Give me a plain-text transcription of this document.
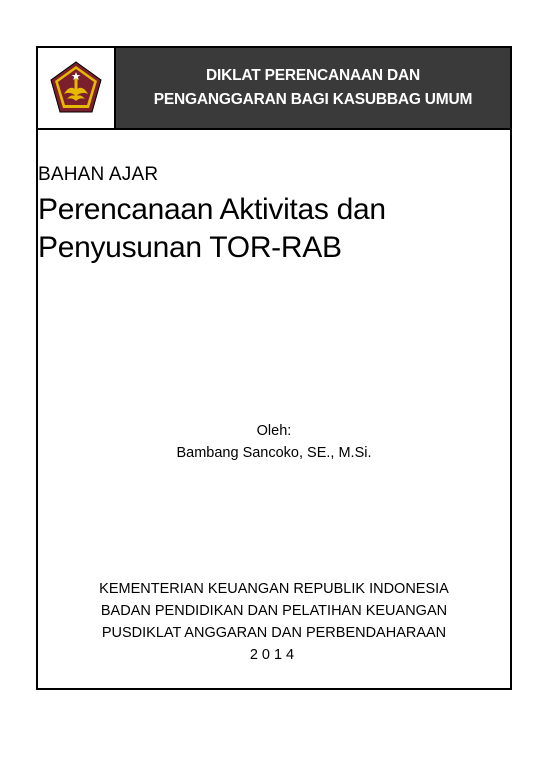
DIKLAT PERENCANAAN DAN
PENGANGGARAN BAGI KASUBBAG UMUM
BAHAN AJAR
Perencanaan Aktivitas dan
Penyusunan TOR-RAB
Oleh:
Bambang Sancoko, SE., M.Si.
KEMENTERIAN KEUANGAN REPUBLIK INDONESIA
BADAN PENDIDIKAN DAN PELATIHAN KEUANGAN
PUSDIKLAT ANGGARAN DAN PERBENDAHARAAN
2014
